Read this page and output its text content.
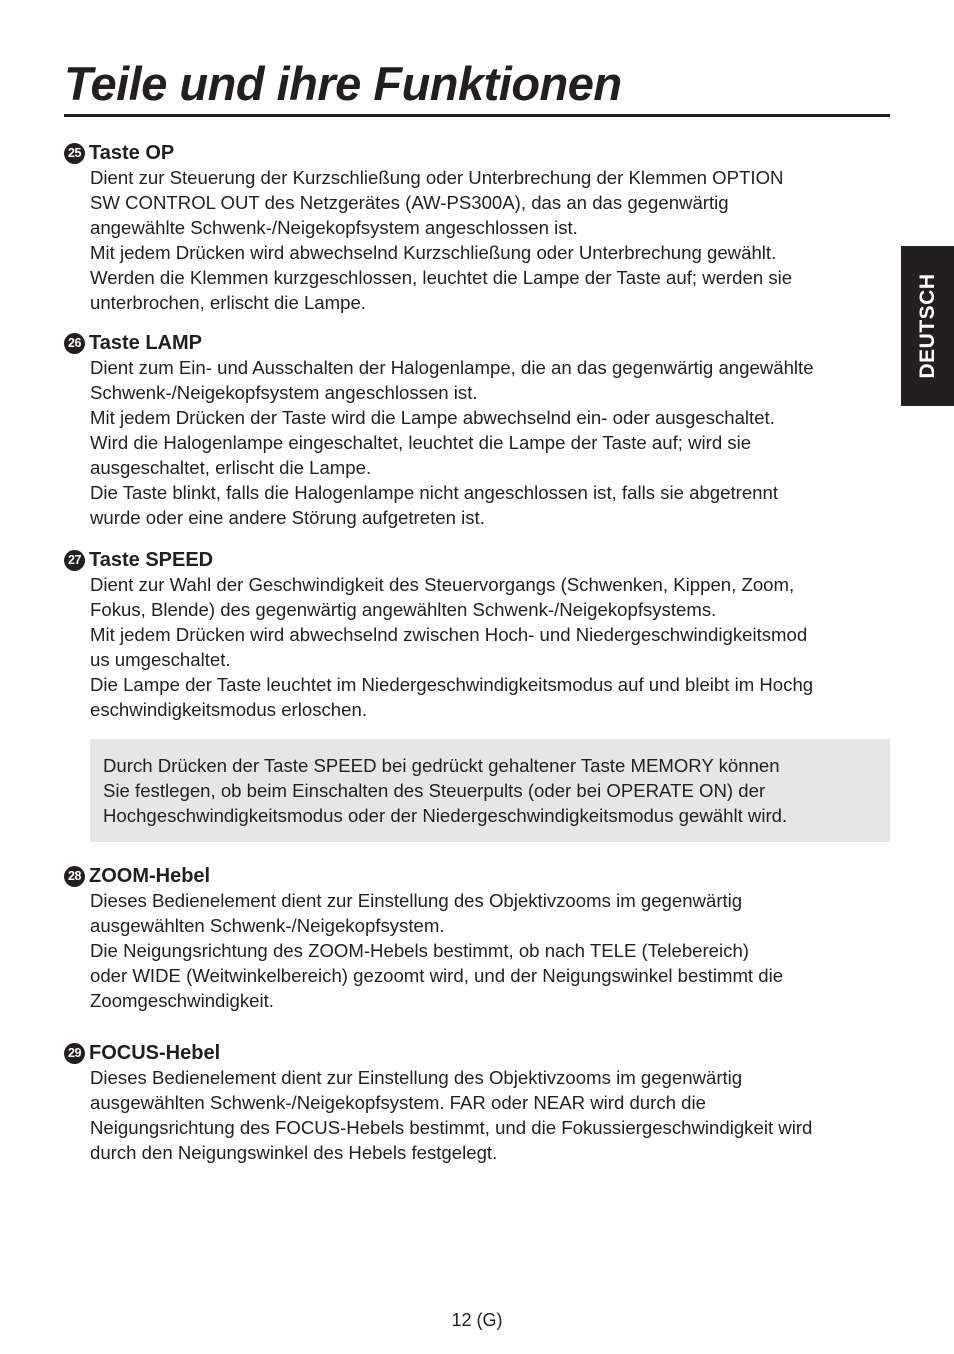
Teile und ihre Funktionen
DEUTSCH
25 Taste OP

Dient zur Steuerung der Kurzschließung oder Unterbrechung der Klemmen OPTION
SW CONTROL OUT des Netzgerätes (AW-PS300A), das an das gegenwärtig
angewählte Schwenk-/Neigekopfsystem angeschlossen ist.
Mit jedem Drücken wird abwechselnd Kurzschließung oder Unterbrechung gewählt.
Werden die Klemmen kurzgeschlossen, leuchtet die Lampe der Taste auf; werden sie
unterbrochen, erlischt die Lampe.

26 Taste LAMP

Dient zum Ein- und Ausschalten der Halogenlampe, die an das gegenwärtig angewählte
Schwenk-/Neigekopfsystem angeschlossen ist.
Mit jedem Drücken der Taste wird die Lampe abwechselnd ein- oder ausgeschaltet.
Wird die Halogenlampe eingeschaltet, leuchtet die Lampe der Taste auf; wird sie
ausgeschaltet, erlischt die Lampe.
Die Taste blinkt, falls die Halogenlampe nicht angeschlossen ist, falls sie abgetrennt
wurde oder eine andere Störung aufgetreten ist.

27 Taste SPEED

Dient zur Wahl der Geschwindigkeit des Steuervorgangs (Schwenken, Kippen, Zoom,
Fokus, Blende) des gegenwärtig angewählten Schwenk-/Neigekopfsystems.
Mit jedem Drücken wird abwechselnd zwischen Hoch- und Niedergeschwindigkeitsmod
us umgeschaltet.
Die Lampe der Taste leuchtet im Niedergeschwindigkeitsmodus auf und bleibt im Hochg
eschwindigkeitsmodus erloschen.

Durch Drücken der Taste SPEED bei gedrückt gehaltener Taste MEMORY können
Sie festlegen, ob beim Einschalten des Steuerpults (oder bei OPERATE ON) der
Hochgeschwindigkeitsmodus oder der Niedergeschwindigkeitsmodus gewählt wird.

28 ZOOM-Hebel

Dieses Bedienelement dient zur Einstellung des Objektivzooms im gegenwärtig
ausgewählten Schwenk-/Neigekopfsystem.
Die Neigungsrichtung des ZOOM-Hebels bestimmt, ob nach TELE (Telebereich)
oder WIDE (Weitwinkelbereich) gezoomt wird, und der Neigungswinkel bestimmt die
Zoomgeschwindigkeit.

29 FOCUS-Hebel

Dieses Bedienelement dient zur Einstellung des Objektivzooms im gegenwärtig
ausgewählten Schwenk-/Neigekopfsystem. FAR oder NEAR wird durch die
Neigungsrichtung des FOCUS-Hebels bestimmt, und die Fokussiergeschwindigkeit wird
durch den Neigungswinkel des Hebels festgelegt.

12 (G)
